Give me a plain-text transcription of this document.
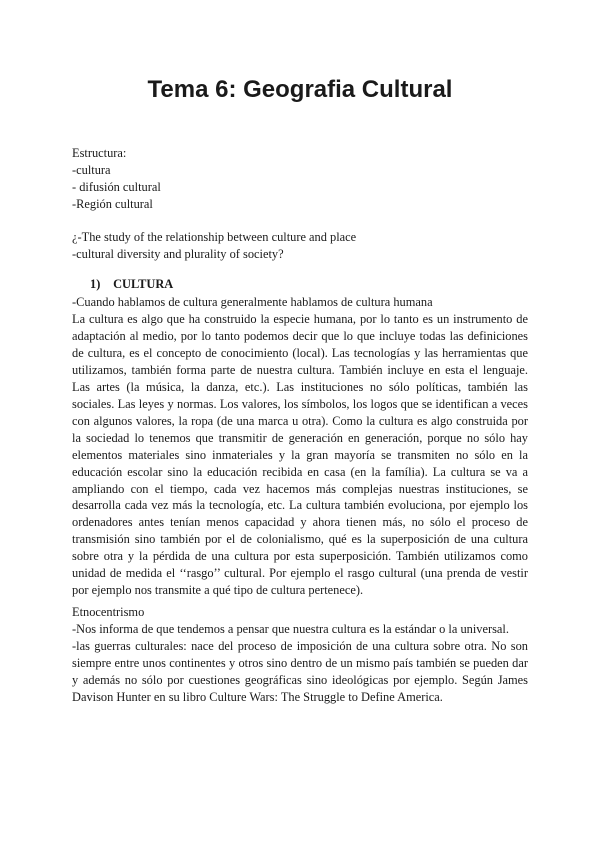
Tema 6: Geografia Cultural
Estructura:
-cultura
- difusión cultural
-Región cultural
¿-The study of the relationship between culture and place
-cultural diversity and plurality of society?
1) CULTURA
-Cuando hablamos de cultura generalmente hablamos de cultura humana

La cultura es algo que ha construido la especie humana, por lo tanto es un instrumento de adaptación al medio, por lo tanto podemos decir que lo que incluye todas las definiciones de cultura, es el concepto de conocimiento (local). Las tecnologías y las herramientas que utilizamos, también forma parte de nuestra cultura. También incluye en esta el lenguaje. Las artes (la música, la danza, etc.). Las instituciones no sólo políticas, también las sociales. Las leyes y normas. Los valores, los símbolos, los logos que se identifican a veces con algunos valores, la ropa (de una marca u otra). Como la cultura es algo construida por la sociedad lo tenemos que transmitir de generación en generación, porque no sólo hay elementos materiales sino inmateriales y la gran mayoría se transmiten no sólo en la educación escolar sino la educación recibida en casa (en la família). La cultura se va a ampliando con el tiempo, cada vez hacemos más complejas nuestras instituciones, se desarrolla cada vez más la tecnología, etc. La cultura también evoluciona, por ejemplo los ordenadores antes tenían menos capacidad y ahora tienen más, no sólo el proceso de transmisión sino también por el de colonialismo, qué es la superposición de una cultura sobre otra y la pérdida de una cultura por esta superposición. También utilizamos como unidad de medida el ‘‘rasgo’’ cultural. Por ejemplo el rasgo cultural (una prenda de vestir por ejemplo nos transmite a qué tipo de cultura pertenece).

Etnocentrismo
-Nos informa de que tendemos a pensar que nuestra cultura es la estándar o la universal.

-las guerras culturales: nace del proceso de imposición de una cultura sobre otra. No son siempre entre unos continentes y otros sino dentro de un mismo país también se pueden dar y además no sólo por cuestiones geográficas sino ideológicas por ejemplo. Según James Davison Hunter en su libro Culture Wars: The Struggle to Define America.
